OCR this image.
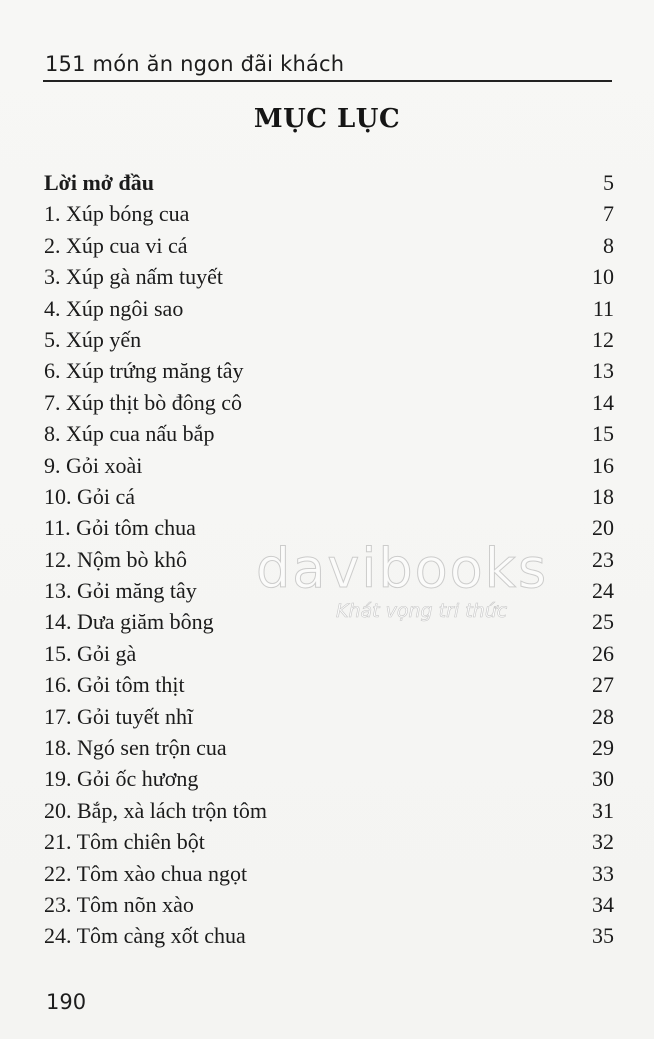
151 món ăn ngon đãi khách
MỤC LỤC
Lời mở đầu	5
1. Xúp bóng cua	7
2. Xúp cua vi cá	8
3. Xúp gà nấm tuyết	10
4. Xúp ngôi sao	11
5. Xúp yến	12
6. Xúp trứng măng tây	13
7. Xúp thịt bò đông cô	14
8. Xúp cua nấu bắp	15
9. Gỏi xoài	16
10. Gỏi cá	18
11. Gỏi tôm chua	20
12. Nộm bò khô	23
13. Gỏi măng tây	24
14. Dưa giăm bông	25
15. Gỏi gà	26
16. Gỏi tôm thịt	27
17. Gỏi tuyết nhĩ	28
18. Ngó sen trộn cua	29
19. Gỏi ốc hương	30
20. Bắp, xà lách trộn tôm	31
21. Tôm chiên bột	32
22. Tôm xào chua ngọt	33
23. Tôm nõn xào	34
24. Tôm càng xốt chua	35
davibooks
Khát vọng tri thức
190
